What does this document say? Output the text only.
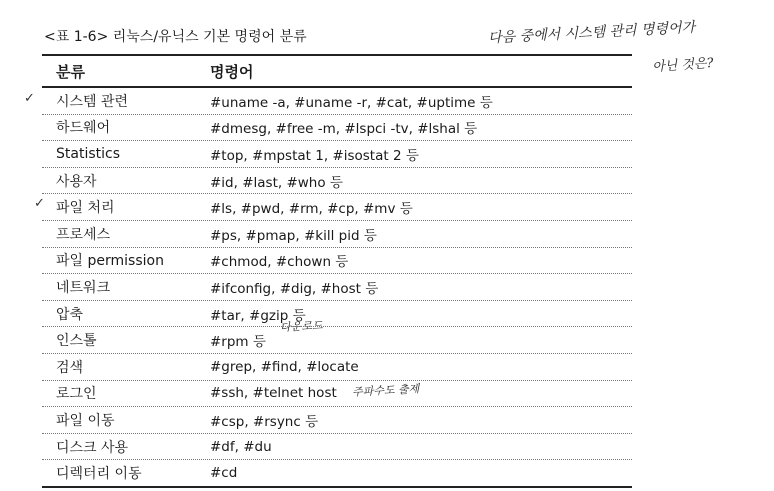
<표 1-6> 리눅스/유닉스 기본 명령어 분류	다음 중에서 시스템 관리 명령어가
아닌 것은?
다운로드
주파수도 출제
✓
✓
분류	명령어
시스템 관련	#uname -a, #uname -r, #cat, #uptime 등
하드웨어	#dmesg, #free -m, #lspci -tv, #lshal 등
Statistics	#top, #mpstat 1, #isostat 2 등
사용자	#id, #last, #who 등
파일 처리	#ls, #pwd, #rm, #cp, #mv 등
프로세스	#ps, #pmap, #kill pid 등
파일 permission	#chmod, #chown 등
네트워크	#ifconfig, #dig, #host 등
압축	#tar, #gzip 등
인스톨	#rpm 등
검색	#grep, #find, #locate
로그인	#ssh, #telnet host
파일 이동	#csp, #rsync 등
디스크 사용	#df, #du
디렉터리 이동	#cd
